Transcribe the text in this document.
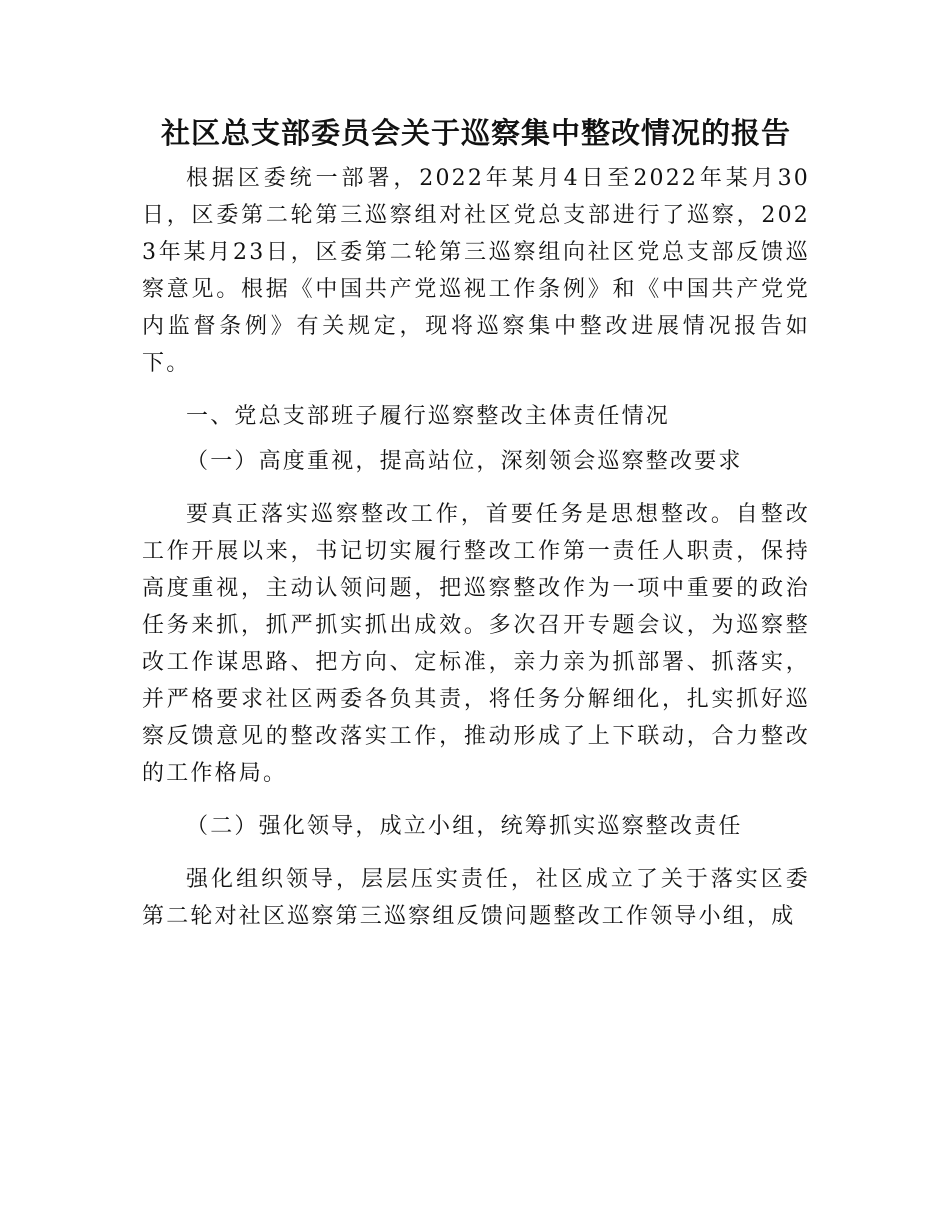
社区总支部委员会关于巡察集中整改情况的报告

根据区委统一部署，2022年某月4日至2022年某月30日，区委第二轮第三巡察组对社区党总支部进行了巡察，2023年某月23日，区委第二轮第三巡察组向社区党总支部反馈巡察意见。根据《中国共产党巡视工作条例》和《中国共产党党内监督条例》有关规定，现将巡察集中整改进展情况报告如下。

一、党总支部班子履行巡察整改主体责任情况

（一）高度重视，提高站位，深刻领会巡察整改要求

要真正落实巡察整改工作，首要任务是思想整改。自整改工作开展以来，书记切实履行整改工作第一责任人职责，保持高度重视，主动认领问题，把巡察整改作为一项中重要的政治任务来抓，抓严抓实抓出成效。多次召开专题会议，为巡察整改工作谋思路、把方向、定标准，亲力亲为抓部署、抓落实，并严格要求社区两委各负其责，将任务分解细化，扎实抓好巡察反馈意见的整改落实工作，推动形成了上下联动，合力整改的工作格局。

（二）强化领导，成立小组，统筹抓实巡察整改责任

强化组织领导，层层压实责任，社区成立了关于落实区委第二轮对社区巡察第三巡察组反馈问题整改工作领导小组，成
